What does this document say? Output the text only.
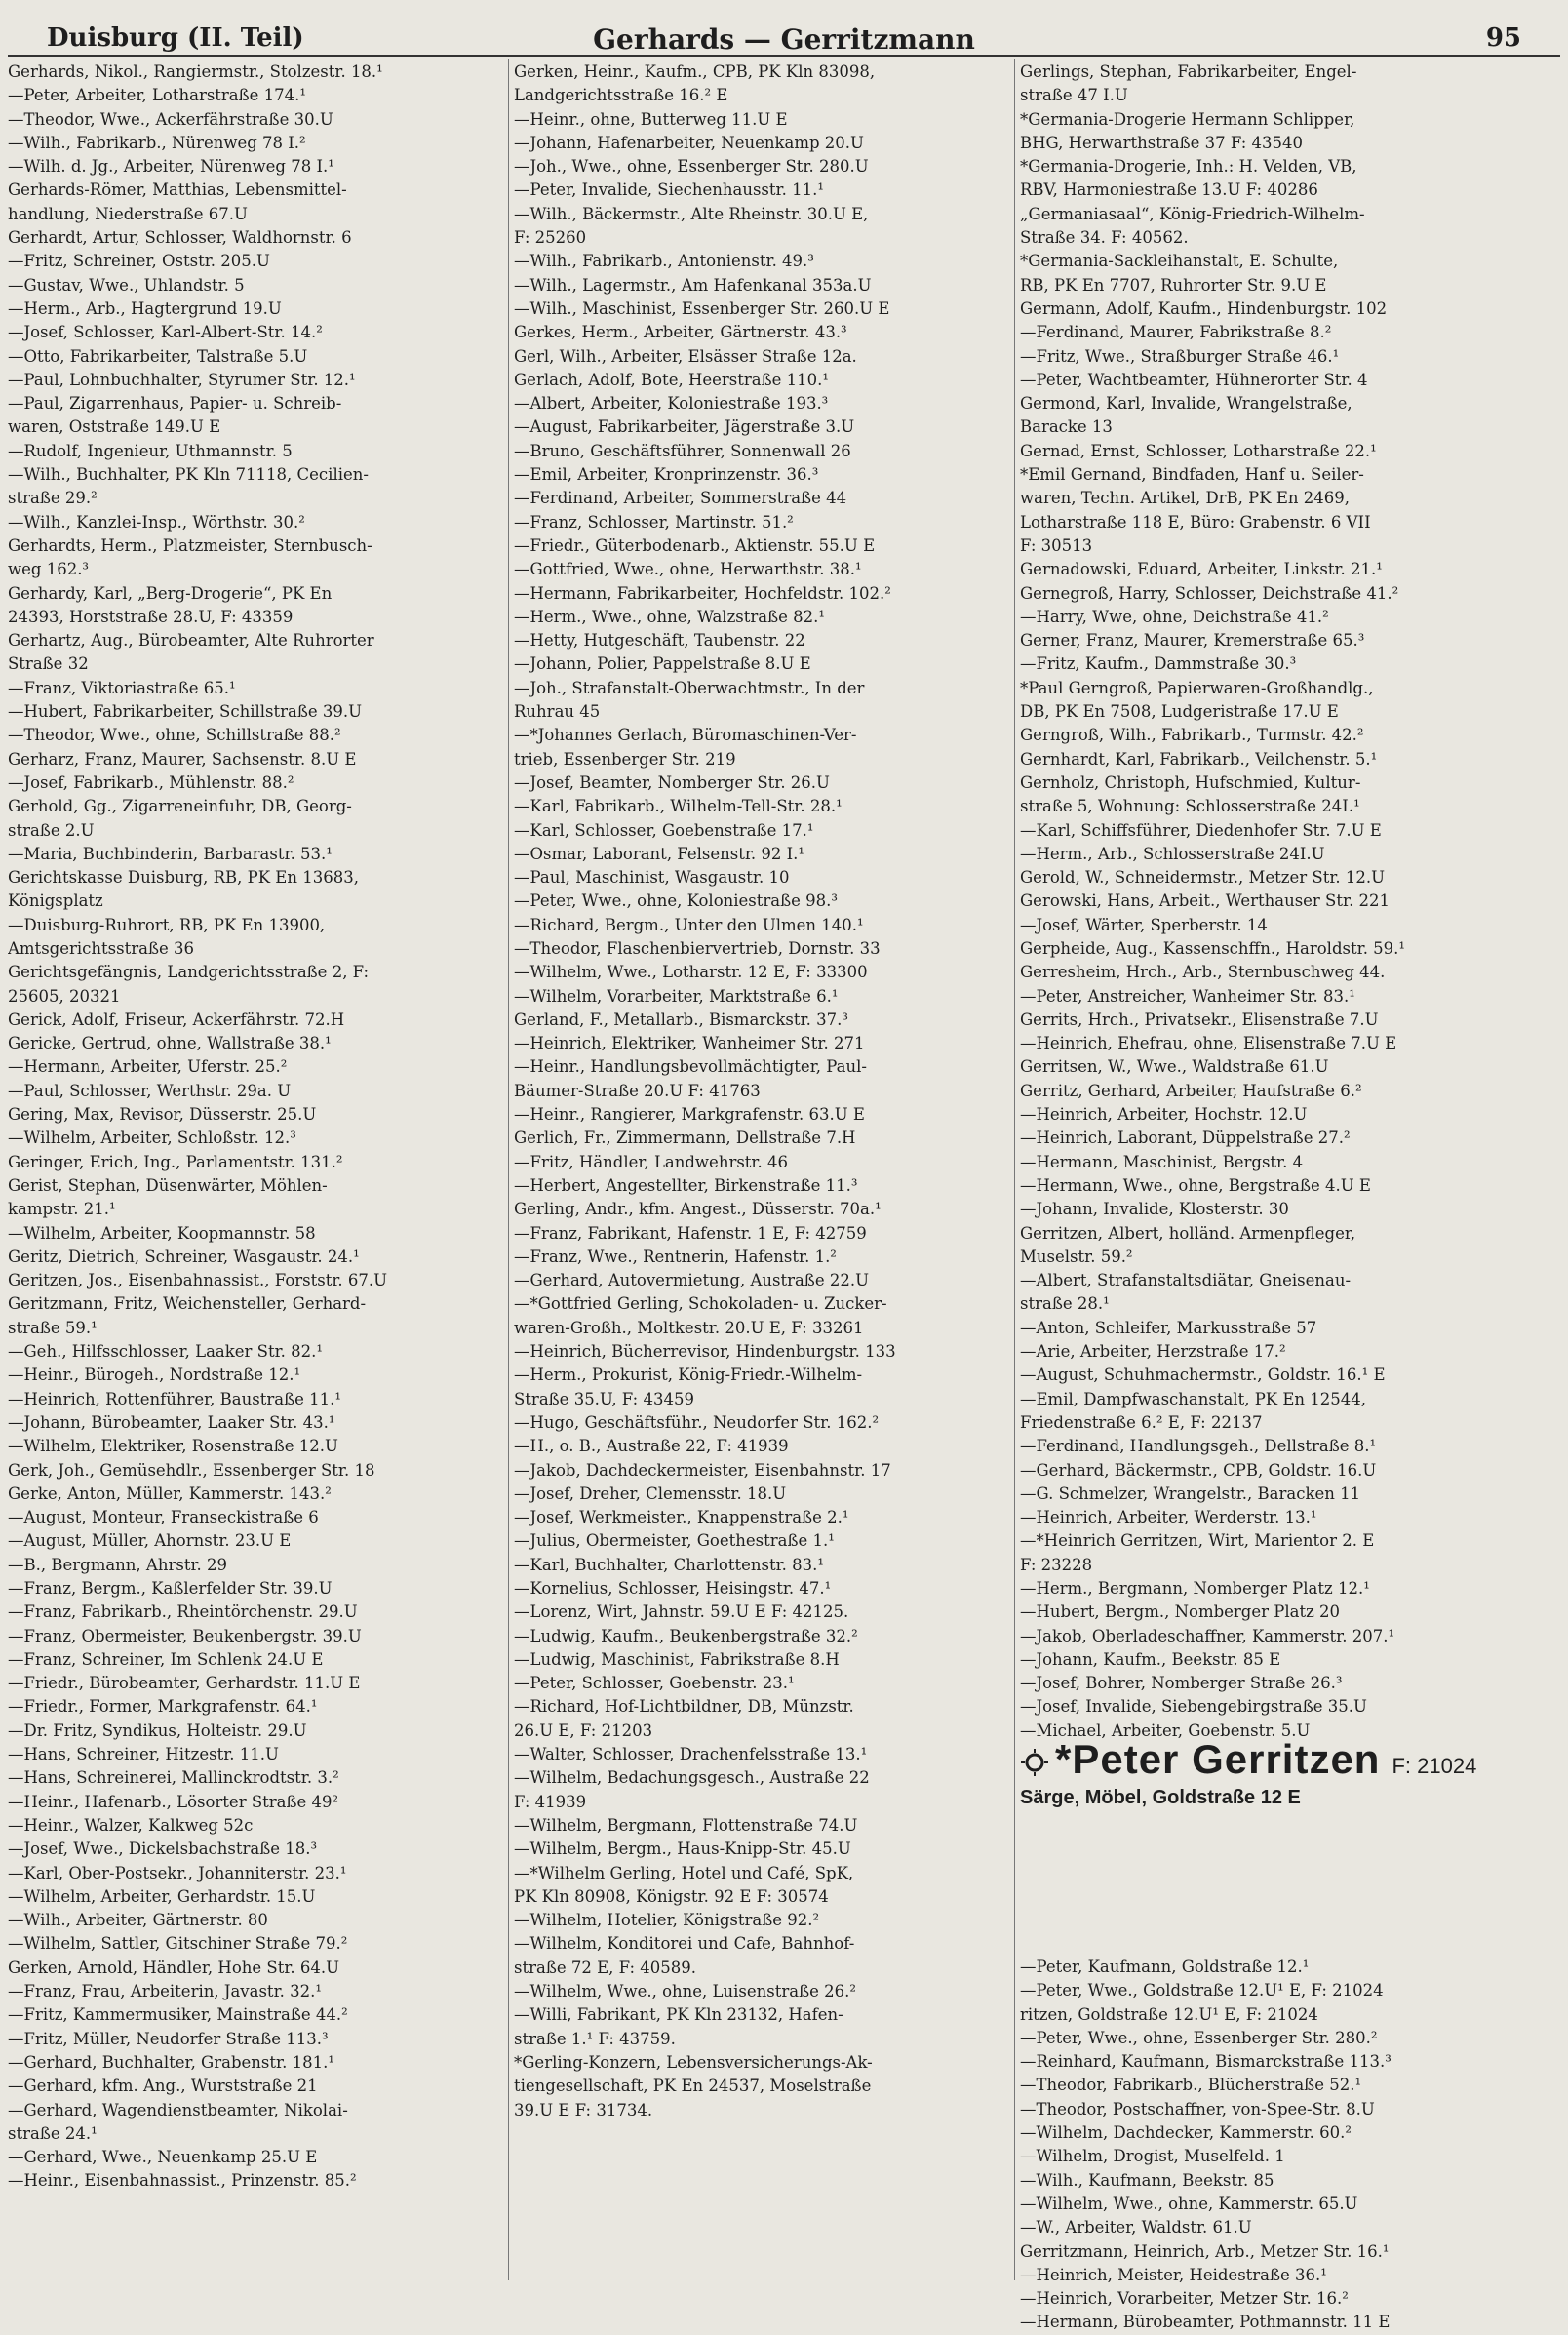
Duisburg (II. Teil)	Gerhards — Gerritzmann	95
Gerhards, Nikol., Rangiermstr., Stolzestr. 18.¹
—Peter, Arbeiter, Lotharstraße 174.¹
—Theodor, Wwe., Ackerfährstraße 30.U
—Wilh., Fabrikarb., Nürenweg 78 I.²
—Wilh. d. Jg., Arbeiter, Nürenweg 78 I.¹
Gerhards-Römer, Matthias, Lebensmittel-
handlung, Niederstraße 67.U
Gerhardt, Artur, Schlosser, Waldhornstr. 6
—Fritz, Schreiner, Oststr. 205.U
—Gustav, Wwe., Uhlandstr. 5
—Herm., Arb., Hagtergrund 19.U
—Josef, Schlosser, Karl-Albert-Str. 14.²
—Otto, Fabrikarbeiter, Talstraße 5.U
—Paul, Lohnbuchhalter, Styrumer Str. 12.¹
—Paul, Zigarrenhaus, Papier- u. Schreib-
waren, Oststraße 149.U E
—Rudolf, Ingenieur, Uthmannstr. 5
—Wilh., Buchhalter, PK Kln 71118, Cecilien-
straße 29.²
—Wilh., Kanzlei-Insp., Wörthstr. 30.²
Gerhardts, Herm., Platzmeister, Sternbusch-
weg 162.³
Gerhardy, Karl, „Berg-Drogerie“, PK En
24393, Horststraße 28.U, F: 43359
Gerhartz, Aug., Bürobeamter, Alte Ruhrorter
Straße 32
—Franz, Viktoriastraße 65.¹
—Hubert, Fabrikarbeiter, Schillstraße 39.U
—Theodor, Wwe., ohne, Schillstraße 88.²
Gerharz, Franz, Maurer, Sachsenstr. 8.U E
—Josef, Fabrikarb., Mühlenstr. 88.²
Gerhold, Gg., Zigarreneinfuhr, DB, Georg-
straße 2.U
—Maria, Buchbinderin, Barbarastr. 53.¹
Gerichtskasse Duisburg, RB, PK En 13683,
Königsplatz
—Duisburg-Ruhrort, RB, PK En 13900,
Amtsgerichtsstraße 36
Gerichtsgefängnis, Landgerichtsstraße 2, F:
25605, 20321
Gerick, Adolf, Friseur, Ackerfährstr. 72.H
Gericke, Gertrud, ohne, Wallstraße 38.¹
—Hermann, Arbeiter, Uferstr. 25.²
—Paul, Schlosser, Werthstr. 29a. U
Gering, Max, Revisor, Düsserstr. 25.U
—Wilhelm, Arbeiter, Schloßstr. 12.³
Geringer, Erich, Ing., Parlamentstr. 131.²
Gerist, Stephan, Düsenwärter, Möhlen-
kampstr. 21.¹
—Wilhelm, Arbeiter, Koopmannstr. 58
Geritz, Dietrich, Schreiner, Wasgaustr. 24.¹
Geritzen, Jos., Eisenbahnassist., Forststr. 67.U
Geritzmann, Fritz, Weichensteller, Gerhard-
straße 59.¹
—Geh., Hilfsschlosser, Laaker Str. 82.¹
—Heinr., Bürogeh., Nordstraße 12.¹
—Heinrich, Rottenführer, Baustraße 11.¹
—Johann, Bürobeamter, Laaker Str. 43.¹
—Wilhelm, Elektriker, Rosenstraße 12.U
Gerk, Joh., Gemüsehdlr., Essenberger Str. 18
Gerke, Anton, Müller, Kammerstr. 143.²
—August, Monteur, Franseckistraße 6
—August, Müller, Ahornstr. 23.U E
—B., Bergmann, Ahrstr. 29
—Franz, Bergm., Kaßlerfelder Str. 39.U
—Franz, Fabrikarb., Rheintörchenstr. 29.U
—Franz, Obermeister, Beukenbergstr. 39.U
—Franz, Schreiner, Im Schlenk 24.U E
—Friedr., Bürobeamter, Gerhardstr. 11.U E
—Friedr., Former, Markgrafenstr. 64.¹
—Dr. Fritz, Syndikus, Holteistr. 29.U
—Hans, Schreiner, Hitzestr. 11.U
—Hans, Schreinerei, Mallinckrodtstr. 3.²
—Heinr., Hafenarb., Lösorter Straße 49²
—Heinr., Walzer, Kalkweg 52c
—Josef, Wwe., Dickelsbachstraße 18.³
—Karl, Ober-Postsekr., Johanniterstr. 23.¹
—Wilhelm, Arbeiter, Gerhardstr. 15.U
—Wilh., Arbeiter, Gärtnerstr. 80
—Wilhelm, Sattler, Gitschiner Straße 79.²
Gerken, Arnold, Händler, Hohe Str. 64.U
—Franz, Frau, Arbeiterin, Javastr. 32.¹
—Fritz, Kammermusiker, Mainstraße 44.²
—Fritz, Müller, Neudorfer Straße 113.³
—Gerhard, Buchhalter, Grabenstr. 181.¹
—Gerhard, kfm. Ang., Wurststraße 21
—Gerhard, Wagendienstbeamter, Nikolai-
straße 24.¹
—Gerhard, Wwe., Neuenkamp 25.U E
—Heinr., Eisenbahnassist., Prinzenstr. 85.²
Gerken, Heinr., Kaufm., CPB, PK Kln 83098,
Landgerichtsstraße 16.² E
—Heinr., ohne, Butterweg 11.U E
—Johann, Hafenarbeiter, Neuenkamp 20.U
—Joh., Wwe., ohne, Essenberger Str. 280.U
—Peter, Invalide, Siechenhausstr. 11.¹
—Wilh., Bäckermstr., Alte Rheinstr. 30.U E,
F: 25260
—Wilh., Fabrikarb., Antonienstr. 49.³
—Wilh., Lagermstr., Am Hafenkanal 353a.U
—Wilh., Maschinist, Essenberger Str. 260.U E
Gerkes, Herm., Arbeiter, Gärtnerstr. 43.³
Gerl, Wilh., Arbeiter, Elsässer Straße 12a.
Gerlach, Adolf, Bote, Heerstraße 110.¹
—Albert, Arbeiter, Koloniestraße 193.³
—August, Fabrikarbeiter, Jägerstraße 3.U
—Bruno, Geschäftsführer, Sonnenwall 26
—Emil, Arbeiter, Kronprinzenstr. 36.³
—Ferdinand, Arbeiter, Sommerstraße 44
—Franz, Schlosser, Martinstr. 51.²
—Friedr., Güterbodenarb., Aktienstr. 55.U E
—Gottfried, Wwe., ohne, Herwarthstr. 38.¹
—Hermann, Fabrikarbeiter, Hochfeldstr. 102.²
—Herm., Wwe., ohne, Walzstraße 82.¹
—Hetty, Hutgeschäft, Taubenstr. 22
—Johann, Polier, Pappelstraße 8.U E
—Joh., Strafanstalt-Oberwachtmstr., In der
Ruhrau 45
—*Johannes Gerlach, Büromaschinen-Ver-
trieb, Essenberger Str. 219
—Josef, Beamter, Nomberger Str. 26.U
—Karl, Fabrikarb., Wilhelm-Tell-Str. 28.¹
—Karl, Schlosser, Goebenstraße 17.¹
—Osmar, Laborant, Felsenstr. 92 I.¹
—Paul, Maschinist, Wasgaustr. 10
—Peter, Wwe., ohne, Koloniestraße 98.³
—Richard, Bergm., Unter den Ulmen 140.¹
—Theodor, Flaschenbiervertrieb, Dornstr. 33
—Wilhelm, Wwe., Lotharstr. 12 E, F: 33300
—Wilhelm, Vorarbeiter, Marktstraße 6.¹
Gerland, F., Metallarb., Bismarckstr. 37.³
—Heinrich, Elektriker, Wanheimer Str. 271
—Heinr., Handlungsbevollmächtigter, Paul-
Bäumer-Straße 20.U F: 41763
—Heinr., Rangierer, Markgrafenstr. 63.U E
Gerlich, Fr., Zimmermann, Dellstraße 7.H
—Fritz, Händler, Landwehrstr. 46
—Herbert, Angestellter, Birkenstraße 11.³
Gerling, Andr., kfm. Angest., Düsserstr. 70a.¹
—Franz, Fabrikant, Hafenstr. 1 E, F: 42759
—Franz, Wwe., Rentnerin, Hafenstr. 1.²
—Gerhard, Autovermietung, Austraße 22.U
—*Gottfried Gerling, Schokoladen- u. Zucker-
waren-Großh., Moltkestr. 20.U E, F: 33261
—Heinrich, Bücherrevisor, Hindenburgstr. 133
—Herm., Prokurist, König-Friedr.-Wilhelm-
Straße 35.U, F: 43459
—Hugo, Geschäftsführ., Neudorfer Str. 162.²
—H., o. B., Austraße 22, F: 41939
—Jakob, Dachdeckermeister, Eisenbahnstr. 17
—Josef, Dreher, Clemensstr. 18.U
—Josef, Werkmeister., Knappenstraße 2.¹
—Julius, Obermeister, Goethestraße 1.¹
—Karl, Buchhalter, Charlottenstr. 83.¹
—Kornelius, Schlosser, Heisingstr. 47.¹
—Lorenz, Wirt, Jahnstr. 59.U E F: 42125.
—Ludwig, Kaufm., Beukenbergstraße 32.²
—Ludwig, Maschinist, Fabrikstraße 8.H
—Peter, Schlosser, Goebenstr. 23.¹
—Richard, Hof-Lichtbildner, DB, Münzstr.
26.U E, F: 21203
—Walter, Schlosser, Drachenfelsstraße 13.¹
—Wilhelm, Bedachungsgesch., Austraße 22
F: 41939
—Wilhelm, Bergmann, Flottenstraße 74.U
—Wilhelm, Bergm., Haus-Knipp-Str. 45.U
—*Wilhelm Gerling, Hotel und Café, SpK,
PK Kln 80908, Königstr. 92 E F: 30574
—Wilhelm, Hotelier, Königstraße 92.²
—Wilhelm, Konditorei und Cafe, Bahnhof-
straße 72 E, F: 40589.
—Wilhelm, Wwe., ohne, Luisenstraße 26.²
—Willi, Fabrikant, PK Kln 23132, Hafen-
straße 1.¹ F: 43759.
*Gerling-Konzern, Lebensversicherungs-Ak-
tiengesellschaft, PK En 24537, Moselstraße
39.U E F: 31734.
Gerlings, Stephan, Fabrikarbeiter, Engel-
straße 47 I.U
*Germania-Drogerie Hermann Schlipper,
BHG, Herwarthstraße 37 F: 43540
*Germania-Drogerie, Inh.: H. Velden, VB,
RBV, Harmoniestraße 13.U F: 40286
„Germaniasaal“, König-Friedrich-Wilhelm-
Straße 34. F: 40562.
*Germania-Sackleihanstalt, E. Schulte,
RB, PK En 7707, Ruhrorter Str. 9.U E
Germann, Adolf, Kaufm., Hindenburgstr. 102
—Ferdinand, Maurer, Fabrikstraße 8.²
—Fritz, Wwe., Straßburger Straße 46.¹
—Peter, Wachtbeamter, Hühnerorter Str. 4
Germond, Karl, Invalide, Wrangelstraße,
Baracke 13
Gernad, Ernst, Schlosser, Lotharstraße 22.¹
*Emil Gernand, Bindfaden, Hanf u. Seiler-
waren, Techn. Artikel, DrB, PK En 2469,
Lotharstraße 118 E, Büro: Grabenstr. 6 VII
F: 30513
Gernadowski, Eduard, Arbeiter, Linkstr. 21.¹
Gernegroß, Harry, Schlosser, Deichstraße 41.²
—Harry, Wwe, ohne, Deichstraße 41.²
Gerner, Franz, Maurer, Kremerstraße 65.³
—Fritz, Kaufm., Dammstraße 30.³
*Paul Gerngroß, Papierwaren-Großhandlg.,
DB, PK En 7508, Ludgeristraße 17.U E
Gerngroß, Wilh., Fabrikarb., Turmstr. 42.²
Gernhardt, Karl, Fabrikarb., Veilchenstr. 5.¹
Gernholz, Christoph, Hufschmied, Kultur-
straße 5, Wohnung: Schlosserstraße 24I.¹
—Karl, Schiffsführer, Diedenhofer Str. 7.U E
—Herm., Arb., Schlosserstraße 24I.U
Gerold, W., Schneidermstr., Metzer Str. 12.U
Gerowski, Hans, Arbeit., Werthauser Str. 221
—Josef, Wärter, Sperberstr. 14
Gerpheide, Aug., Kassenschffn., Haroldstr. 59.¹
Gerresheim, Hrch., Arb., Sternbuschweg 44.
—Peter, Anstreicher, Wanheimer Str. 83.¹
Gerrits, Hrch., Privatsekr., Elisenstraße 7.U
—Heinrich, Ehefrau, ohne, Elisenstraße 7.U E
Gerritsen, W., Wwe., Waldstraße 61.U
Gerritz, Gerhard, Arbeiter, Haufstraße 6.²
—Heinrich, Arbeiter, Hochstr. 12.U
—Heinrich, Laborant, Düppelstraße 27.²
—Hermann, Maschinist, Bergstr. 4
—Hermann, Wwe., ohne, Bergstraße 4.U E
—Johann, Invalide, Klosterstr. 30
Gerritzen, Albert, holländ. Armenpfleger,
Muselstr. 59.²
—Albert, Strafanstaltsdiätar, Gneisenau-
straße 28.¹
—Anton, Schleifer, Markusstraße 57
—Arie, Arbeiter, Herzstraße 17.²
—August, Schuhmachermstr., Goldstr. 16.¹ E
—Emil, Dampfwaschanstalt, PK En 12544,
Friedenstraße 6.² E, F: 22137
—Ferdinand, Handlungsgeh., Dellstraße 8.¹
—Gerhard, Bäckermstr., CPB, Goldstr. 16.U
—G. Schmelzer, Wrangelstr., Baracken 11
—Heinrich, Arbeiter, Werderstr. 13.¹
—*Heinrich Gerritzen, Wirt, Marientor 2. E
F: 23228
—Herm., Bergmann, Nomberger Platz 12.¹
—Hubert, Bergm., Nomberger Platz 20
—Jakob, Oberladeschaffner, Kammerstr. 207.¹
—Johann, Kaufm., Beekstr. 85 E
—Josef, Bohrer, Nomberger Straße 26.³
—Josef, Invalide, Siebengebirgstraße 35.U
—Michael, Arbeiter, Goebenstr. 5.U
*Peter Gerritzen F: 21024
Särge, Möbel, Goldstraße 12 E
—Peter, Kaufmann, Goldstraße 12.¹
—Peter, Wwe., Goldstraße 12.U¹ E, F: 21024
ritzen, Goldstraße 12.U¹ E, F: 21024
—Peter, Wwe., ohne, Essenberger Str. 280.²
—Reinhard, Kaufmann, Bismarckstraße 113.³
—Theodor, Fabrikarb., Blücherstraße 52.¹
—Theodor, Postschaffner, von-Spee-Str. 8.U
—Wilhelm, Dachdecker, Kammerstr. 60.²
—Wilhelm, Drogist, Muselfeld. 1
—Wilh., Kaufmann, Beekstr. 85
—Wilhelm, Wwe., ohne, Kammerstr. 65.U
—W., Arbeiter, Waldstr. 61.U
Gerritzmann, Heinrich, Arb., Metzer Str. 16.¹
—Heinrich, Meister, Heidestraße 36.¹
—Heinrich, Vorarbeiter, Metzer Str. 16.²
—Hermann, Bürobeamter, Pothmannstr. 11 E
